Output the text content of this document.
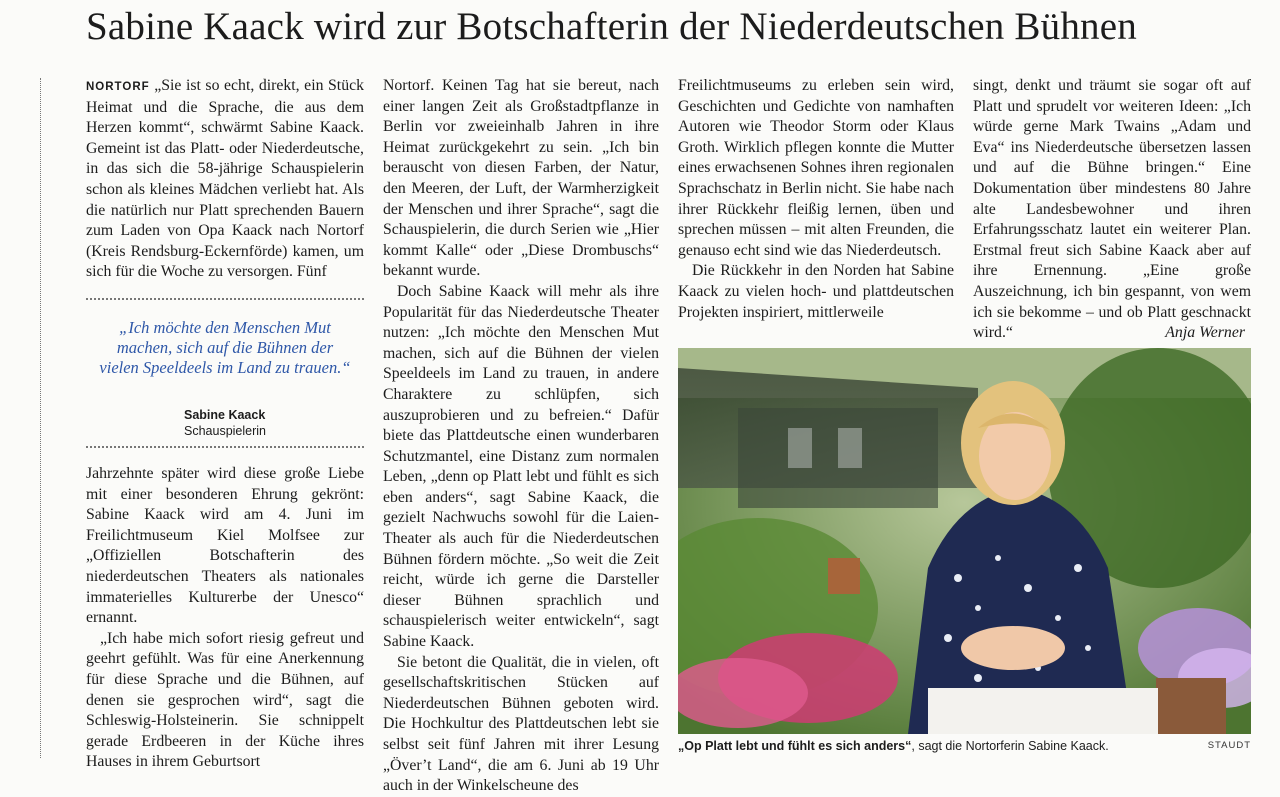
Sabine Kaack wird zur Botschafterin der Niederdeutschen Bühnen

NORTORF „Sie ist so echt, direkt, ein Stück Heimat und die Sprache, die aus dem Herzen kommt“, schwärmt Sabine Kaack. Gemeint ist das Platt- oder Niederdeutsche, in das sich die 58-jährige Schauspielerin schon als kleines Mädchen verliebt hat. Als die natürlich nur Platt sprechenden Bauern zum Laden von Opa Kaack nach Nortorf (Kreis Rendsburg-Eckernförde) kamen, um sich für die Woche zu versorgen. Fünf

„Ich möchte den Menschen Mut machen, sich auf die Bühnen der vielen Speeldeels im Land zu trauen.“
Sabine Kaack
Schauspielerin

Jahrzehnte später wird diese große Liebe mit einer besonderen Ehrung gekrönt: Sabine Kaack wird am 4. Juni im Freilichtmuseum Kiel Molfsee zur „Offiziellen Botschafterin des niederdeutschen Theaters als nationales immaterielles Kulturerbe der Unesco“ ernannt.

„Ich habe mich sofort riesig gefreut und geehrt gefühlt. Was für eine Anerkennung für diese Sprache und die Bühnen, auf denen sie gesprochen wird“, sagt die Schleswig-Holsteinerin. Sie schnippelt gerade Erdbeeren in der Küche ihres Hauses in ihrem Geburtsort

Nortorf. Keinen Tag hat sie bereut, nach einer langen Zeit als Großstadtpflanze in Berlin vor zweieinhalb Jahren in ihre Heimat zurückgekehrt zu sein. „Ich bin berauscht von diesen Farben, der Natur, den Meeren, der Luft, der Warmherzigkeit der Menschen und ihrer Sprache“, sagt die Schauspielerin, die durch Serien wie „Hier kommt Kalle“ oder „Diese Drombuschs“ bekannt wurde.

Doch Sabine Kaack will mehr als ihre Popularität für das Niederdeutsche Theater nutzen: „Ich möchte den Menschen Mut machen, sich auf die Bühnen der vielen Speeldeels im Land zu trauen, in andere Charaktere zu schlüpfen, sich auszuprobieren und zu befreien.“ Dafür biete das Plattdeutsche einen wunderbaren Schutzmantel, eine Distanz zum normalen Leben, „denn op Platt lebt und fühlt es sich eben anders“, sagt Sabine Kaack, die gezielt Nachwuchs sowohl für die Laien-Theater als auch für die Niederdeutschen Bühnen fördern möchte. „So weit die Zeit reicht, würde ich gerne die Darsteller dieser Bühnen sprachlich und schauspielerisch weiter entwickeln“, sagt Sabine Kaack.

Sie betont die Qualität, die in vielen, oft gesellschaftskritischen Stücken auf Niederdeutschen Bühnen geboten wird. Die Hochkultur des Plattdeutschen lebt sie selbst seit fünf Jahren mit ihrer Lesung „Över’t Land“, die am 6. Juni ab 19 Uhr auch in der Winkelscheune des

Freilichtmuseums zu erleben sein wird, Geschichten und Gedichte von namhaften Autoren wie Theodor Storm oder Klaus Groth. Wirklich pflegen konnte die Mutter eines erwachsenen Sohnes ihren regionalen Sprachschatz in Berlin nicht. Sie habe nach ihrer Rückkehr fleißig lernen, üben und sprechen müssen – mit alten Freunden, die genauso echt sind wie das Niederdeutsch.

Die Rückkehr in den Norden hat Sabine Kaack zu vielen hoch- und plattdeutschen Projekten inspiriert, mittlerweile

singt, denkt und träumt sie sogar oft auf Platt und sprudelt vor weiteren Ideen: „Ich würde gerne Mark Twains „Adam und Eva“ ins Niederdeutsche übersetzen lassen und auf die Bühne bringen.“ Eine Dokumentation über mindestens 80 Jahre alte Landesbewohner und ihren Erfahrungsschatz lautet ein weiterer Plan. Erstmal freut sich Sabine Kaack aber auf ihre Ernennung. „Eine große Auszeichnung, ich bin gespannt, von wem ich sie bekomme – und ob Platt geschnackt wird.“	Anja Werner

„Op Platt lebt und fühlt es sich anders“, sagt die Nortorferin Sabine Kaack.	STAUDT
